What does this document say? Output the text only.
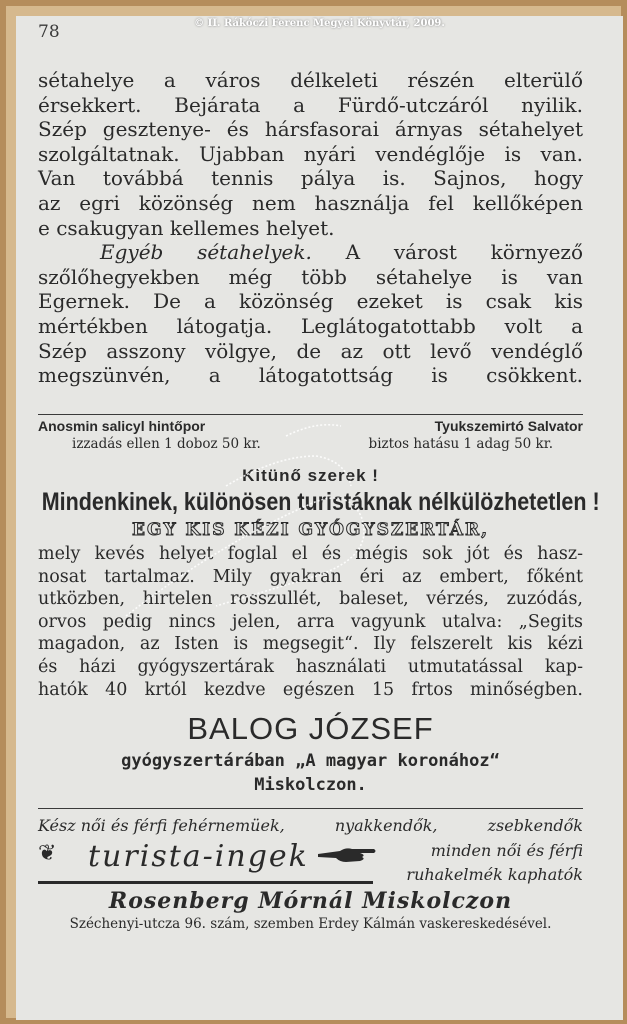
© II. Rákóczi Ferenc Megyei Könyvtár, 2009.
78
sétahelye a város délkeleti részén elterülő
érsekkert. Bejárata a Fürdő-utczáról nyilik.
Szép gesztenye- és hársfasorai árnyas sétahelyet
szolgáltatnak. Ujabban nyári vendéglője is van.
Van továbbá tennis pálya is. Sajnos, hogy
az egri közönség nem használja fel kellőképen
e csakugyan kellemes helyet.
Egyéb sétahelyek. A várost környező
szőlőhegyekben még több sétahelye is van
Egernek. De a közönség ezeket is csak kis
mértékben látogatja. Leglátogatottabb volt a
Szép asszony völgye, de az ott levő vendéglő
megszünvén, a látogatottság is csökkent.
Anosmin salicyl hintőpor	Tyukszemirtó Salvator
izzadás ellen 1 doboz 50 kr.	biztos hatásu 1 adag 50 kr.
Kitünő szerek !
Mindenkinek, különösen turistáknak nélkülözhetetlen !
EGY KIS KÉZI GYÓGYSZERTÁR,
mely kevés helyet foglal el és mégis sok jót és hasz-
nosat tartalmaz. Mily gyakran éri az embert, főként
utközben, hirtelen rosszullét, baleset, vérzés, zuzódás,
orvos pedig nincs jelen, arra vagyunk utalva: „Segits
magadon, az Isten is megsegit“. Ily felszerelt kis kézi
és házi gyógyszertárak használati utmutatással kap-
hatók 40 krtól kezdve egészen 15 frtos minőségben.
BALOG JÓZSEF
gyógyszertárában „A magyar koronához“
Miskolczon.
Kész női és férfi fehérnemüek,	nyakkendők,	zsebkendők
❦ turista-ingek	minden női és férfi
ruhakelmék kaphatók
Rosenberg Mórnál Miskolczon
Széchenyi-utcza 96. szám, szemben Erdey Kálmán vaskereskedésével.
